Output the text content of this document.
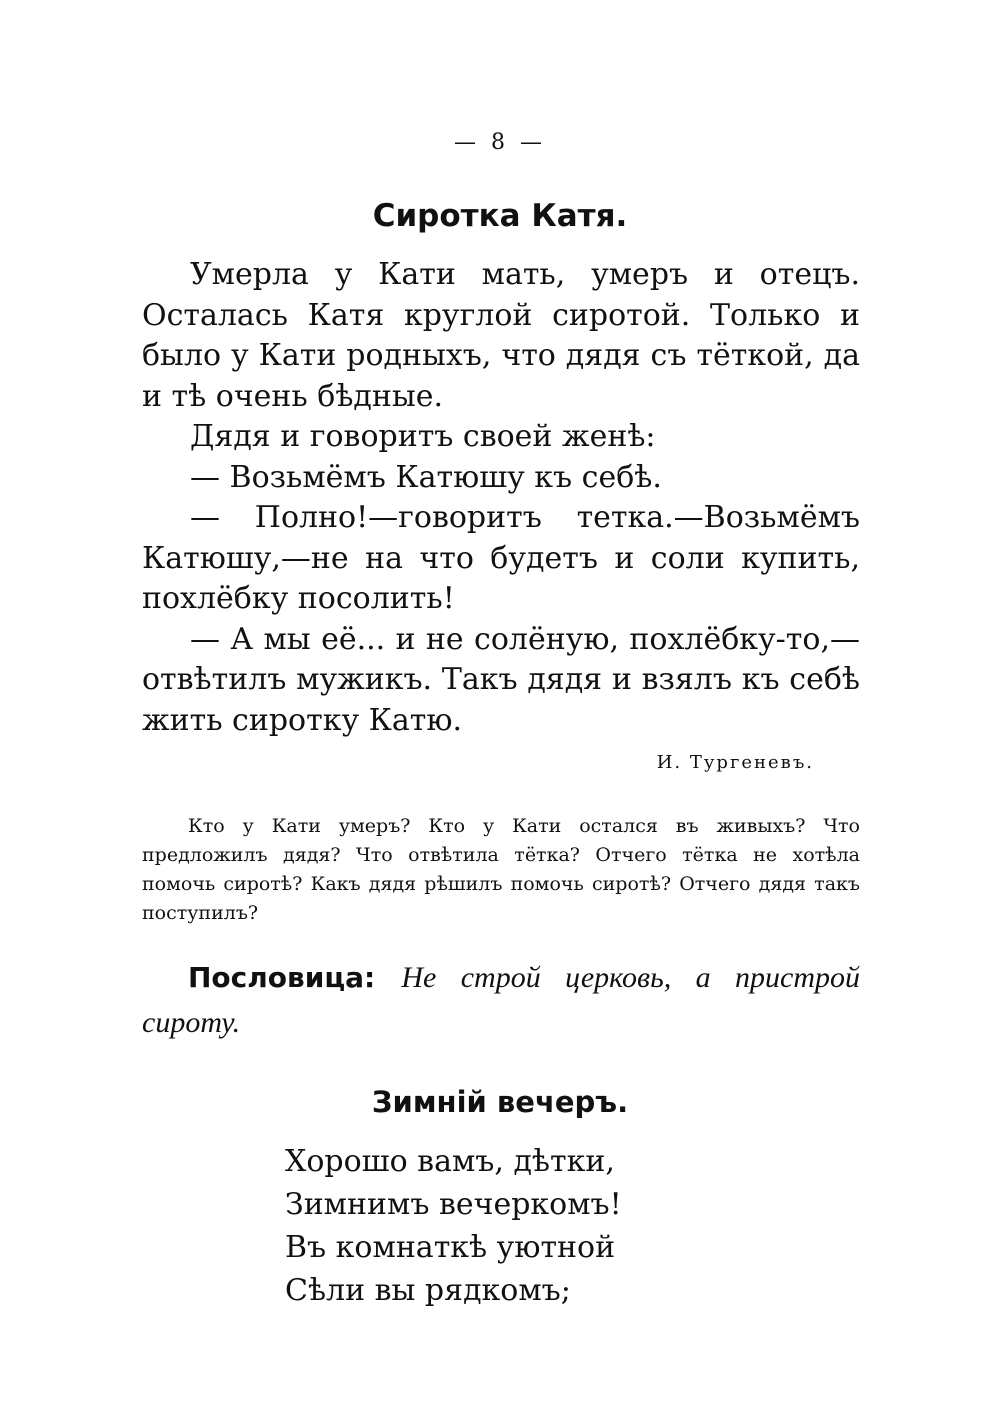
— 8 —
Сиротка Катя.

Умерла у Кати мать, умеръ и отецъ. Осталась Катя круглой сиротой. Только и было у Кати родныхъ, что дядя съ тёткой, да и тѣ очень бѣдные.

Дядя и говоритъ своей женѣ:

— Возьмёмъ Катюшу къ себѣ.

— Полно!—говоритъ тетка.—Возьмёмъ Катюшу,—не на что будетъ и соли купить, похлёбку посолить!

— А мы её... и не солёную, похлёбку-то,—отвѣтилъ мужикъ. Такъ дядя и взялъ къ себѣ жить сиротку Катю.

И. Тургеневъ.

Кто у Кати умеръ? Кто у Кати остался въ живыхъ? Что предложилъ дядя? Что отвѣтила тётка? Отчего тётка не хотѣла помочь сиротѣ? Какъ дядя рѣшилъ помочь сиротѣ? Отчего дядя такъ поступилъ?

Пословица: Не строй церковь, а пристрой сироту.

Зимній вечеръ.
Хорошо вамъ, дѣтки,
Зимнимъ вечеркомъ!
Въ комнаткѣ уютной
Сѣли вы рядкомъ;
